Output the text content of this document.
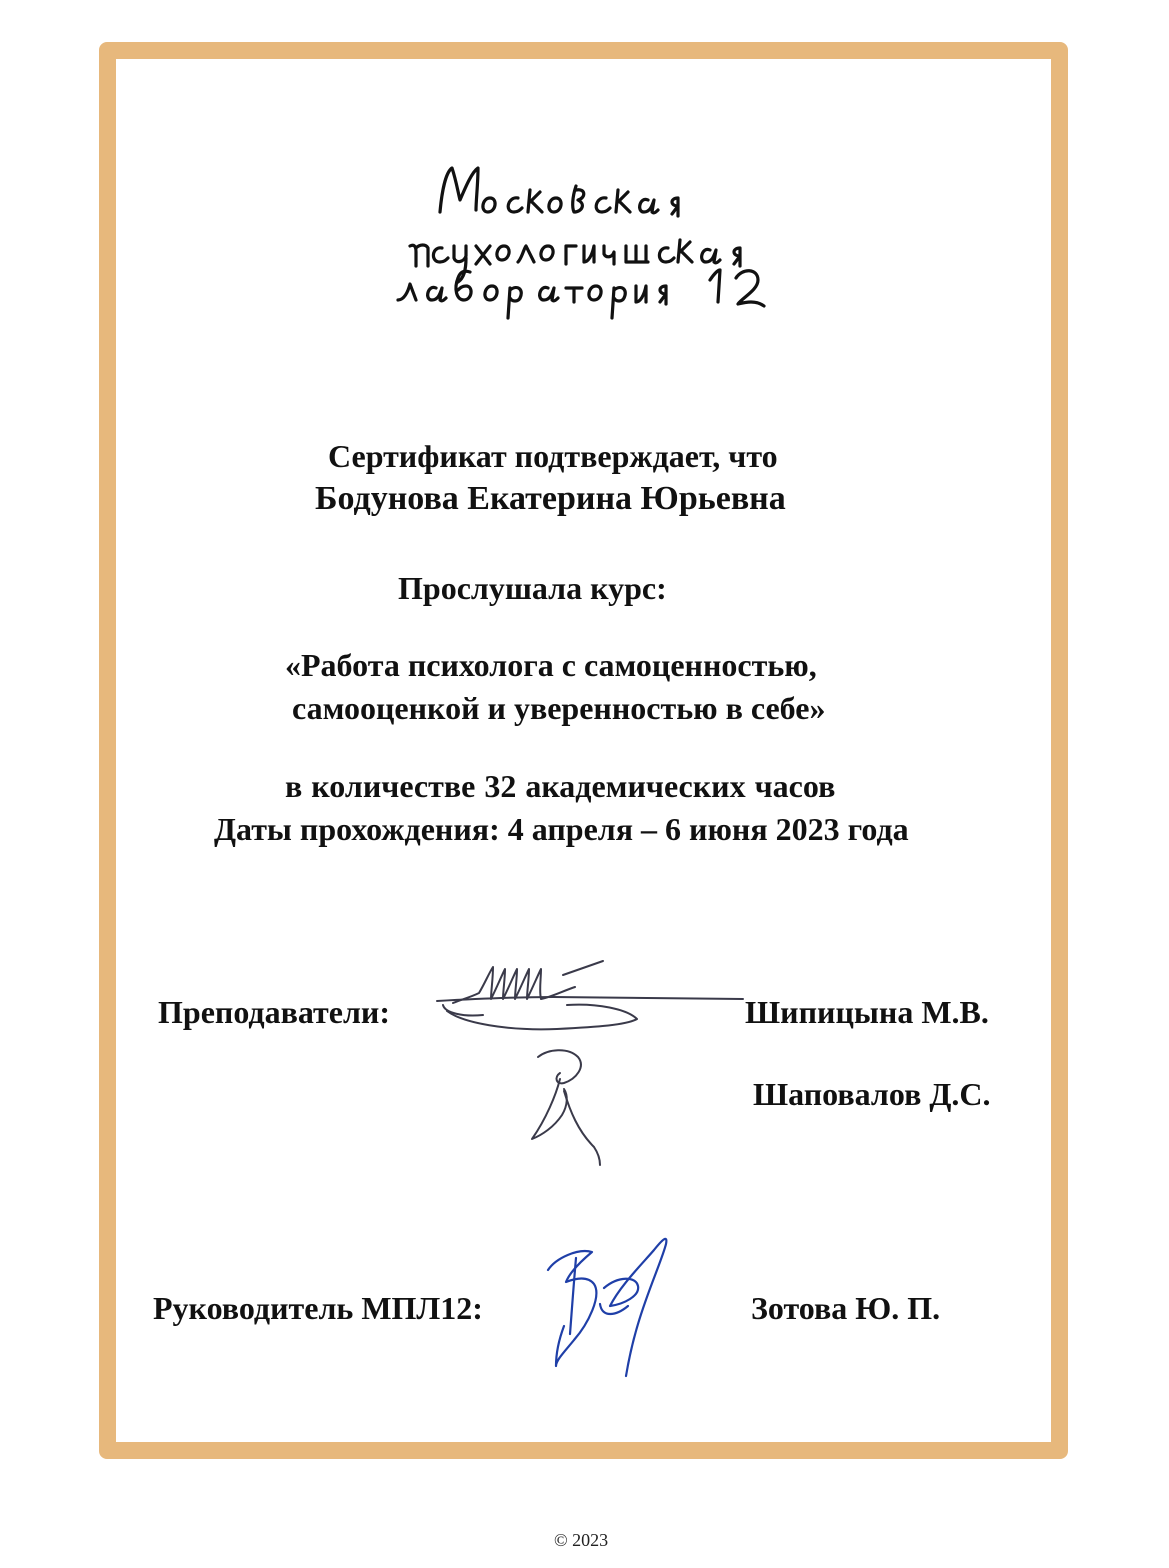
Сертификат подтверждает, что
Бодунова Екатерина Юрьевна
Прослушала курс:
«Работа психолога с самоценностью,
самооценкой и уверенностью в себе»
в количестве 32 академических часов
Даты прохождения: 4 апреля – 6 июня 2023 года
Преподаватели:	Шипицына М.В.
Шаповалов Д.С.
Руководитель МПЛ12:	Зотова Ю. П.
© 2023
